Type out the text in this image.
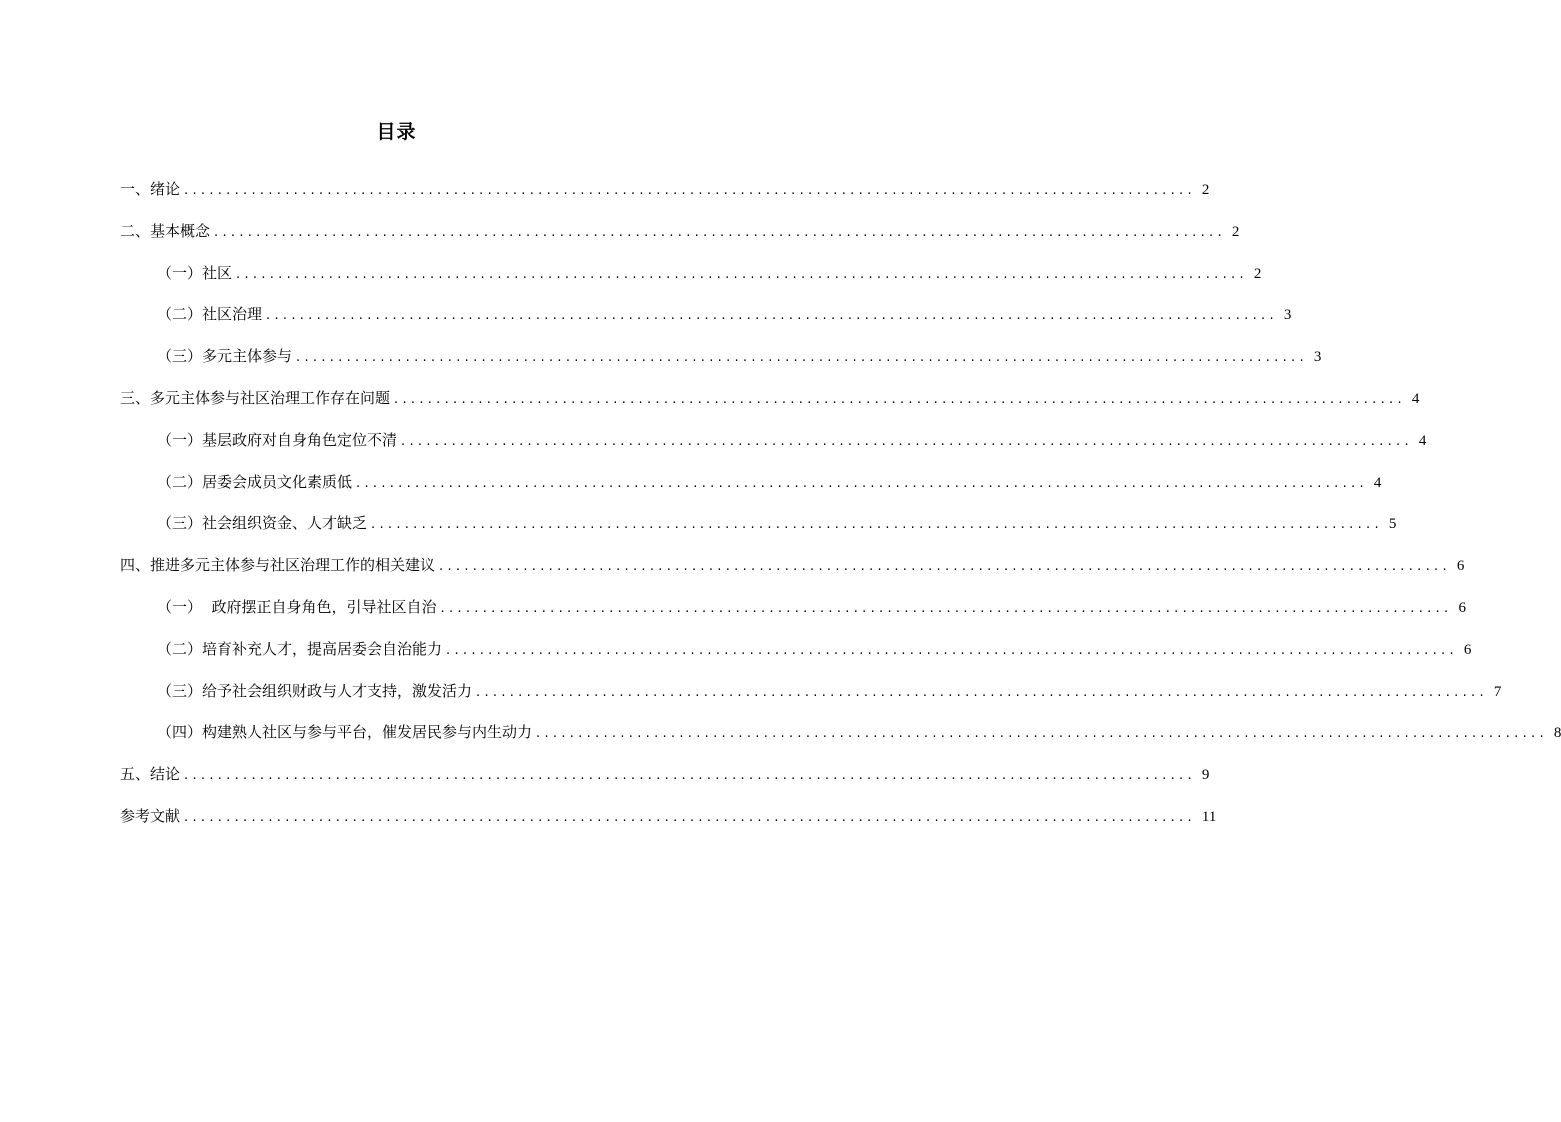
目录
一、绪论 ........................................................................................................................ 2
二、基本概念 ........................................................................................................................ 2
（一）社区 ........................................................................................................................ 2
（二）社区治理 ........................................................................................................................ 3
（三）多元主体参与 ........................................................................................................................ 3
三、多元主体参与社区治理工作存在问题 ........................................................................................................................ 4
（一）基层政府对自身角色定位不清 ........................................................................................................................ 4
（二）居委会成员文化素质低 ........................................................................................................................ 4
（三）社会组织资金、人才缺乏 ........................................................................................................................ 5
四、推进多元主体参与社区治理工作的相关建议 ........................................................................................................................ 6
（一）  政府摆正自身角色，引导社区自治 ........................................................................................................................ 6
（二）培育补充人才，提高居委会自治能力 ........................................................................................................................ 6
（三）给予社会组织财政与人才支持，激发活力 ........................................................................................................................ 7
（四）构建熟人社区与参与平台，催发居民参与内生动力 ........................................................................................................................ 8
五、结论 ........................................................................................................................ 9
参考文献 ........................................................................................................................ 11
